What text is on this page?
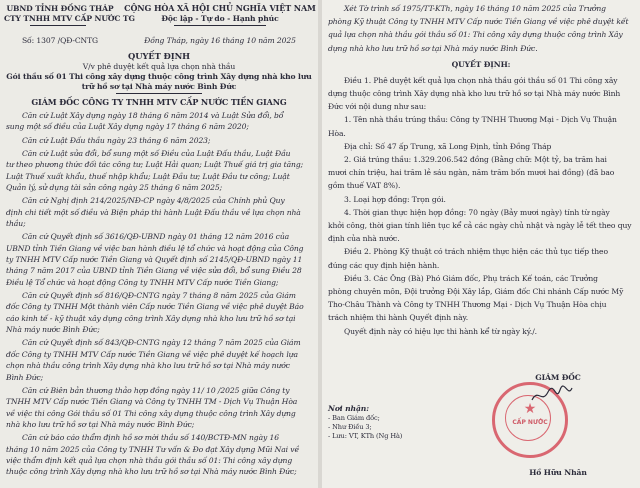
UBND TỈNH ĐỒNG THÁP
CTY TNHH MTV CẤP NƯỚC TG
Số: 1307 /QĐ-CNTG
CỘNG HÒA XÃ HỘI CHỦ NGHĨA VIỆT NAM
Độc lập - Tự do - Hạnh phúc
Đồng Tháp, ngày 16 tháng 10 năm 2025
QUYẾT ĐỊNH
V/v phê duyệt kết quả lựa chọn nhà thầu
Gói thầu số 01 Thi công xây dựng thuộc công trình Xây dựng nhà kho lưu
trữ hồ sơ tại Nhà máy nước Bình Đức
GIÁM ĐỐC CÔNG TY TNHH MTV CẤP NƯỚC TIỀN GIANG
Căn cứ Luật Xây dựng ngày 18 tháng 6 năm 2014 và Luật Sửa đổi, bổ
sung một số điều của Luật Xây dựng ngày 17 tháng 6 năm 2020;
Căn cứ Luật Đấu thầu ngày 23 tháng 6 năm 2023;
Căn cứ Luật sửa đổi, bổ sung một số Điều của Luật Đấu thầu, Luật Đầu
tư theo phương thức đối tác công tư; Luật Hải quan; Luật Thuế giá trị gia tăng;
Luật Thuế xuất khẩu, thuế nhập khẩu; Luật Đầu tư; Luật Đầu tư công; Luật
Quản lý, sử dụng tài sản công ngày 25 tháng 6 năm 2025;
Căn cứ Nghị định 214/2025/NĐ-CP ngày 4/8/2025 của Chính phủ Quy
định chi tiết một số điều và Biện pháp thi hành Luật Đấu thầu về lựa chọn nhà
thầu;
Căn cứ Quyết định số 3616/QĐ-UBND ngày 01 tháng 12 năm 2016 của
UBND tỉnh Tiền Giang về việc ban hành điều lệ tổ chức và hoạt động của Công
ty TNHH MTV Cấp nước Tiền Giang và Quyết định số 2145/QĐ-UBND ngày 11
tháng 7 năm 2017 của UBND tỉnh Tiền Giang về việc sửa đổi, bổ sung Điều 28
Điều lệ Tổ chức và hoạt động Công ty TNHH MTV Cấp nước Tiền Giang;
Căn cứ Quyết định số 816/QĐ-CNTG ngày 7 tháng 8 năm 2025 của Giám
đốc Công ty TNHH Một thành viên Cấp nước Tiền Giang về việc phê duyệt Báo
cáo kinh tế - kỹ thuật xây dựng công trình Xây dựng nhà kho lưu trữ hồ sơ tại
Nhà máy nước Bình Đức;
Căn cứ Quyết định số 843/QĐ-CNTG ngày 12 tháng 7 năm 2025 của Giám
đốc Công ty TNHH MTV Cấp nước Tiền Giang về việc phê duyệt kế hoạch lựa
chọn nhà thầu công trình Xây dựng nhà kho lưu trữ hồ sơ tại Nhà máy nước
Bình Đức;
Căn cứ Biên bản thương thảo hợp đồng ngày 11/ 10 /2025 giữa Công ty
TNHH MTV Cấp nước Tiền Giang và Công ty TNHH TM - Dịch Vụ Thuận Hòa
về việc thi công Gói thầu số 01 Thi công xây dựng thuộc công trình Xây dựng
nhà kho lưu trữ hồ sơ tại Nhà máy nước Bình Đức;
Căn cứ báo cáo thẩm định hồ sơ mời thầu số 140/BCTĐ-MN ngày 16
tháng 10 năm 2025 của Công ty TNHH Tư vấn & Đo đạt Xây dựng Mũi Nai về
việc thẩm định kết quả lựa chọn nhà thầu gói thầu số 01: Thi công xây dựng
thuộc công trình Xây dựng nhà kho lưu trữ hồ sơ tại Nhà máy nước Bình Đức;
Xét Tờ trình số 1975/TT-KTh, ngày 16 tháng 10 năm 2025 của Trưởng
phòng Kỹ thuật Công ty TNHH MTV Cấp nước Tiền Giang về việc phê duyệt kết
quả lựa chọn nhà thầu gói thầu số 01: Thi công xây dựng thuộc công trình Xây
dựng nhà kho lưu trữ hồ sơ tại Nhà máy nước Bình Đức.
QUYẾT ĐỊNH:
Điều 1. Phê duyệt kết quả lựa chọn nhà thầu gói thầu số 01 Thi công xây
dựng thuộc công trình Xây dựng nhà kho lưu trữ hồ sơ tại Nhà máy nước Bình
Đức với nội dung như sau:
1. Tên nhà thầu trúng thầu: Công ty TNHH Thương Mại - Dịch Vụ Thuận
Hòa.
Địa chỉ: Số 47 ấp Trung, xã Long Định, tỉnh Đồng Tháp
2. Giá trúng thầu: 1.329.206.542 đồng (Bằng chữ: Một tỷ, ba trăm hai
mươi chín triệu, hai trăm lẻ sáu ngàn, năm trăm bốn mươi hai đồng) (đã bao
gồm thuế VAT 8%).
3. Loại hợp đồng: Trọn gói.
4. Thời gian thực hiện hợp đồng: 70 ngày (Bảy mươi ngày) tính từ ngày
khởi công, thời gian tính liên tục kể cả các ngày chủ nhật và ngày lễ tết theo quy
định của nhà nước.
Điều 2. Phòng Kỹ thuật có trách nhiệm thực hiện các thủ tục tiếp theo
đúng các quy định hiện hành.
Điều 3. Các Ông (Bà) Phó Giám đốc, Phụ trách Kế toán, các Trưởng
phòng chuyên môn, Đội trưởng Đội Xây lắp, Giám đốc Chi nhánh Cấp nước Mỹ
Tho-Châu Thành và Công ty TNHH Thương Mại - Dịch Vụ Thuận Hòa chịu
trách nhiệm thi hành Quyết định này.
Quyết định này có hiệu lực thi hành kể từ ngày ký./.
Nơi nhận:
- Ban Giám đốc;
- Như Điều 3;
- Lưu: VT, KTh (Ng Hà)
GIÁM ĐỐC
Hồ Hữu Nhân
★
CẤP NƯỚC
